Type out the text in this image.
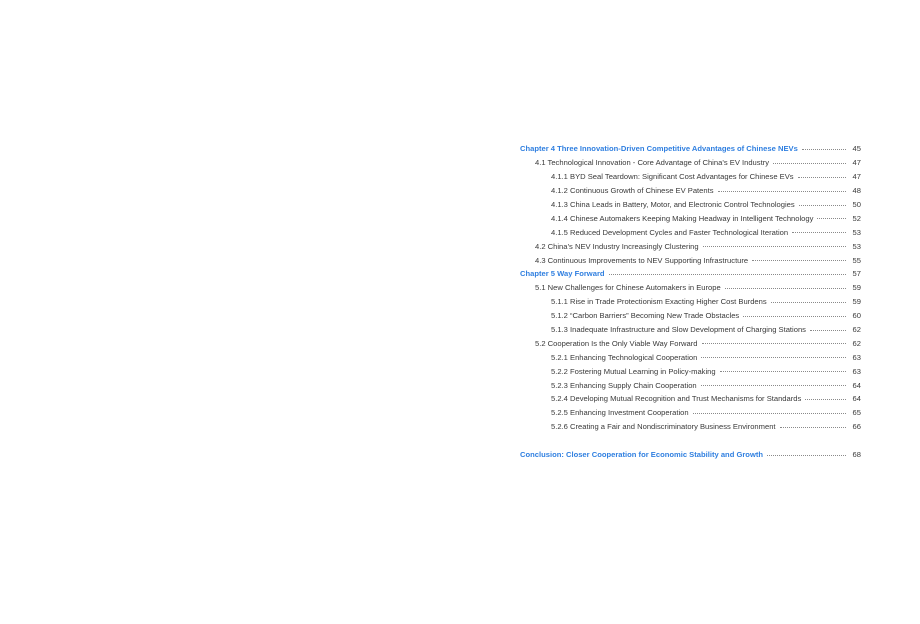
Chapter 4 Three Innovation-Driven Competitive Advantages of Chinese NEVs	45
4.1 Technological Innovation - Core Advantage of China’s EV Industry	47
4.1.1 BYD Seal Teardown: Significant Cost Advantages for Chinese EVs	47
4.1.2 Continuous Growth of Chinese EV Patents	48
4.1.3 China Leads in Battery, Motor, and Electronic Control Technologies	50
4.1.4 Chinese Automakers Keeping Making Headway in Intelligent Technology	52
4.1.5 Reduced Development Cycles and Faster Technological Iteration	53
4.2 China’s NEV Industry Increasingly Clustering	53
4.3 Continuous Improvements to NEV Supporting Infrastructure	55
Chapter 5 Way Forward	57
5.1 New Challenges for Chinese Automakers in Europe	59
5.1.1 Rise in Trade Protectionism Exacting Higher Cost Burdens	59
5.1.2 “Carbon Barriers” Becoming New Trade Obstacles	60
5.1.3 Inadequate Infrastructure and Slow Development of Charging Stations	62
5.2 Cooperation Is the Only Viable Way Forward	62
5.2.1 Enhancing Technological Cooperation	63
5.2.2 Fostering Mutual Learning in Policy-making	63
5.2.3 Enhancing Supply Chain Cooperation	64
5.2.4 Developing Mutual Recognition and Trust Mechanisms for Standards	64
5.2.5 Enhancing Investment Cooperation	65
5.2.6 Creating a Fair and Nondiscriminatory Business Environment	66
Conclusion: Closer Cooperation for Economic Stability and Growth	68
